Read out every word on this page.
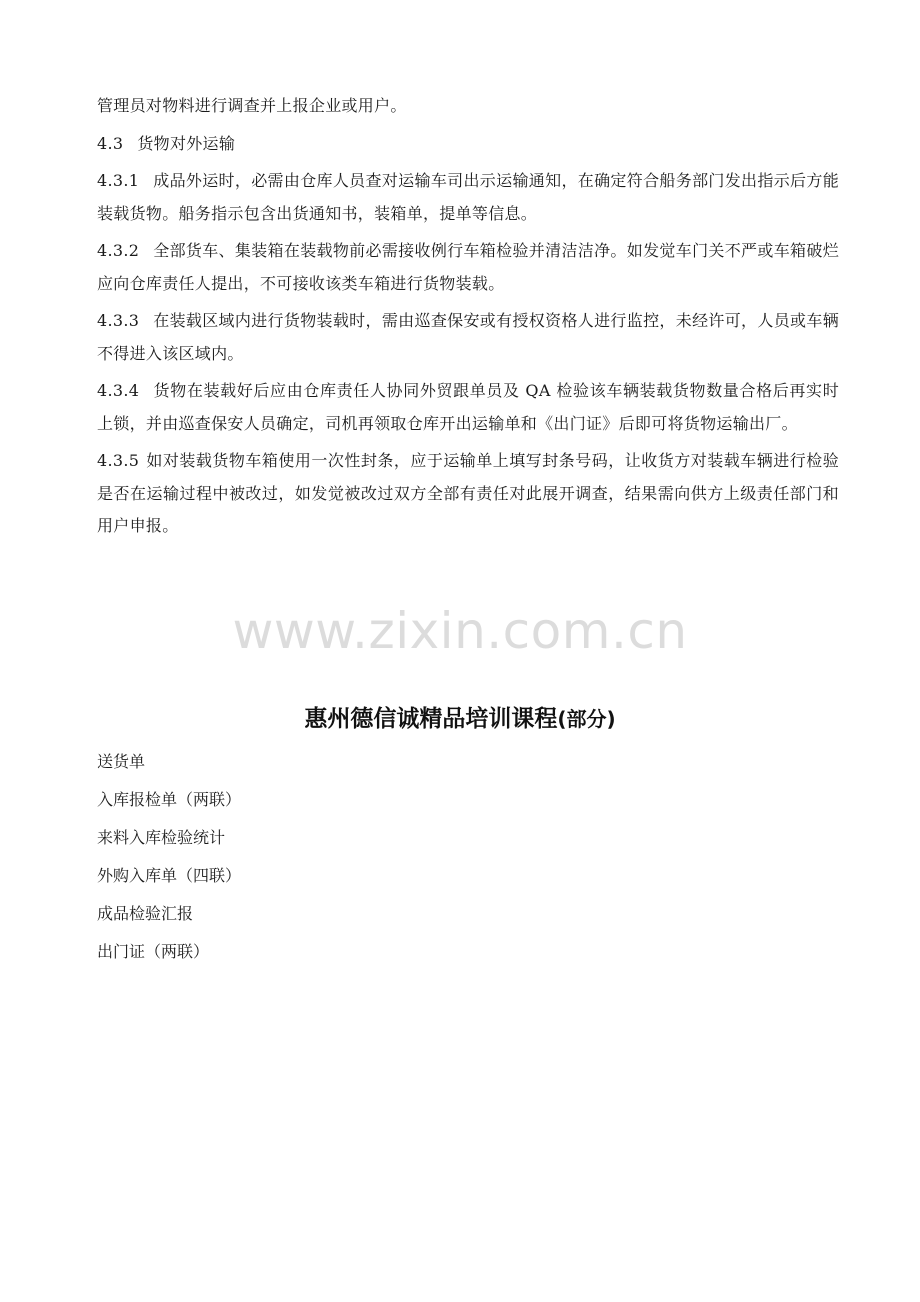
管理员对物料进行调查并上报企业或用户。

4.3 货物对外运输

4.3.1 成品外运时，必需由仓库人员查对运输车司出示运输通知，在确定符合船务部门发出指示后方能装载货物。船务指示包含出货通知书，装箱单，提单等信息。

4.3.2 全部货车、集装箱在装载物前必需接收例行车箱检验并清洁洁净。如发觉车门关不严或车箱破烂应向仓库责任人提出，不可接收该类车箱进行货物装载。

4.3.3 在装载区域内进行货物装载时，需由巡查保安或有授权资格人进行监控，未经许可，人员或车辆不得进入该区域内。

4.3.4 货物在装载好后应由仓库责任人协同外贸跟单员及 QA 检验该车辆装载货物数量合格后再实时上锁，并由巡查保安人员确定，司机再领取仓库开出运输单和《出门证》后即可将货物运输出厂。

4.3.5 如对装载货物车箱使用一次性封条，应于运输单上填写封条号码，让收货方对装载车辆进行检验是否在运输过程中被改过，如发觉被改过双方全部有责任对此展开调查，结果需向供方上级责任部门和用户申报。

www.zixin.com.cn
惠州德信诚精品培训课程(部分)
送货单
入库报检单（两联）
来料入库检验统计
外购入库单（四联）
成品检验汇报
出门证（两联）
